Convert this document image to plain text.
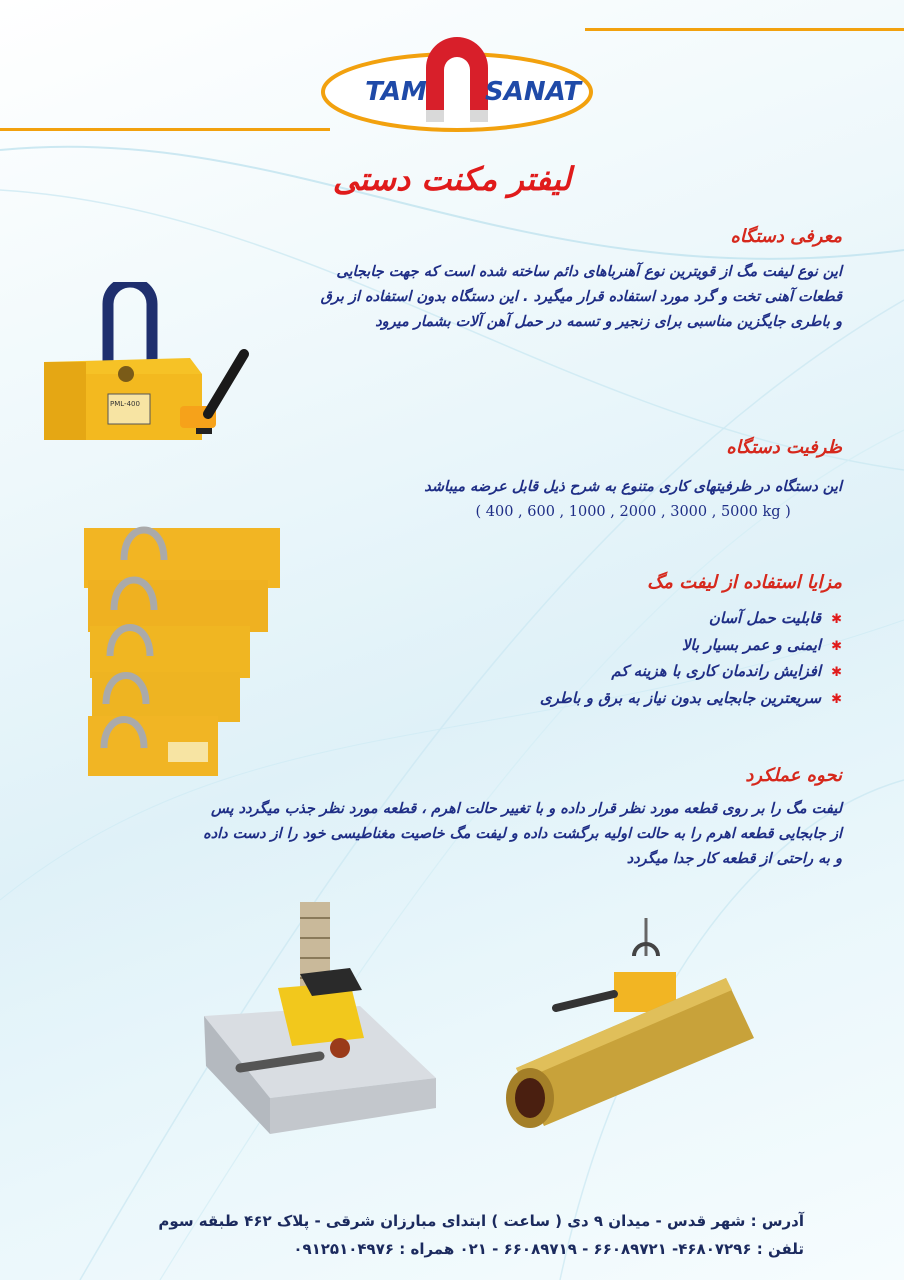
TAM SANAT
لیفتر مکنت دستی
معرفی دستگاه

این نوع لیفت مگ از قویترین نوع آهنرباهای دائم ساخته شده است که جهت جابجایی

قطعات آهنی تخت و گرد مورد استفاده قرار میگیرد . این دستگاه بدون استفاده از برق

و باطری جایگزین مناسبی برای زنجیر و تسمه در حمل آهن آلات بشمار میرود

PML-400
ظرفیت دستگاه

این دستگاه در ظرفیتهای کاری متنوع به شرح ذیل قابل عرضه میباشد

( 400 , 600 , 1000 , 2000 , 3000 , 5000 kg )

مزایا استفاده از لیفت مگ
✱قابلیت حمل آسان
✱ایمنی و عمر بسیار بالا
✱افزایش راندمان کاری با هزینه کم
✱سریعترین جابجایی بدون نیاز به برق و باطری
نحوه عملکرد

لیفت مگ را بر روی قطعه مورد نظر قرار داده و با تغییر حالت اهرم ، قطعه مورد نظر جذب میگردد پس

از جابجایی قطعه اهرم را به حالت اولیه برگشت داده و لیفت مگ خاصیت مغناطیسی خود را از دست داده

و به راحتی از قطعه کار جدا میگردد

آدرس : شهر قدس - میدان ۹ دی ( ساعت ) ابتدای مبارزان شرقی - پلاک ۴۶۲ طبقه سوم
تلفن : ۴۶۸۰۷۲۹۶- ۶۶۰۸۹۷۲۱ - ۶۶۰۸۹۷۱۹ - ۰۲۱ همراه : ۰۹۱۲۵۱۰۴۹۷۶
